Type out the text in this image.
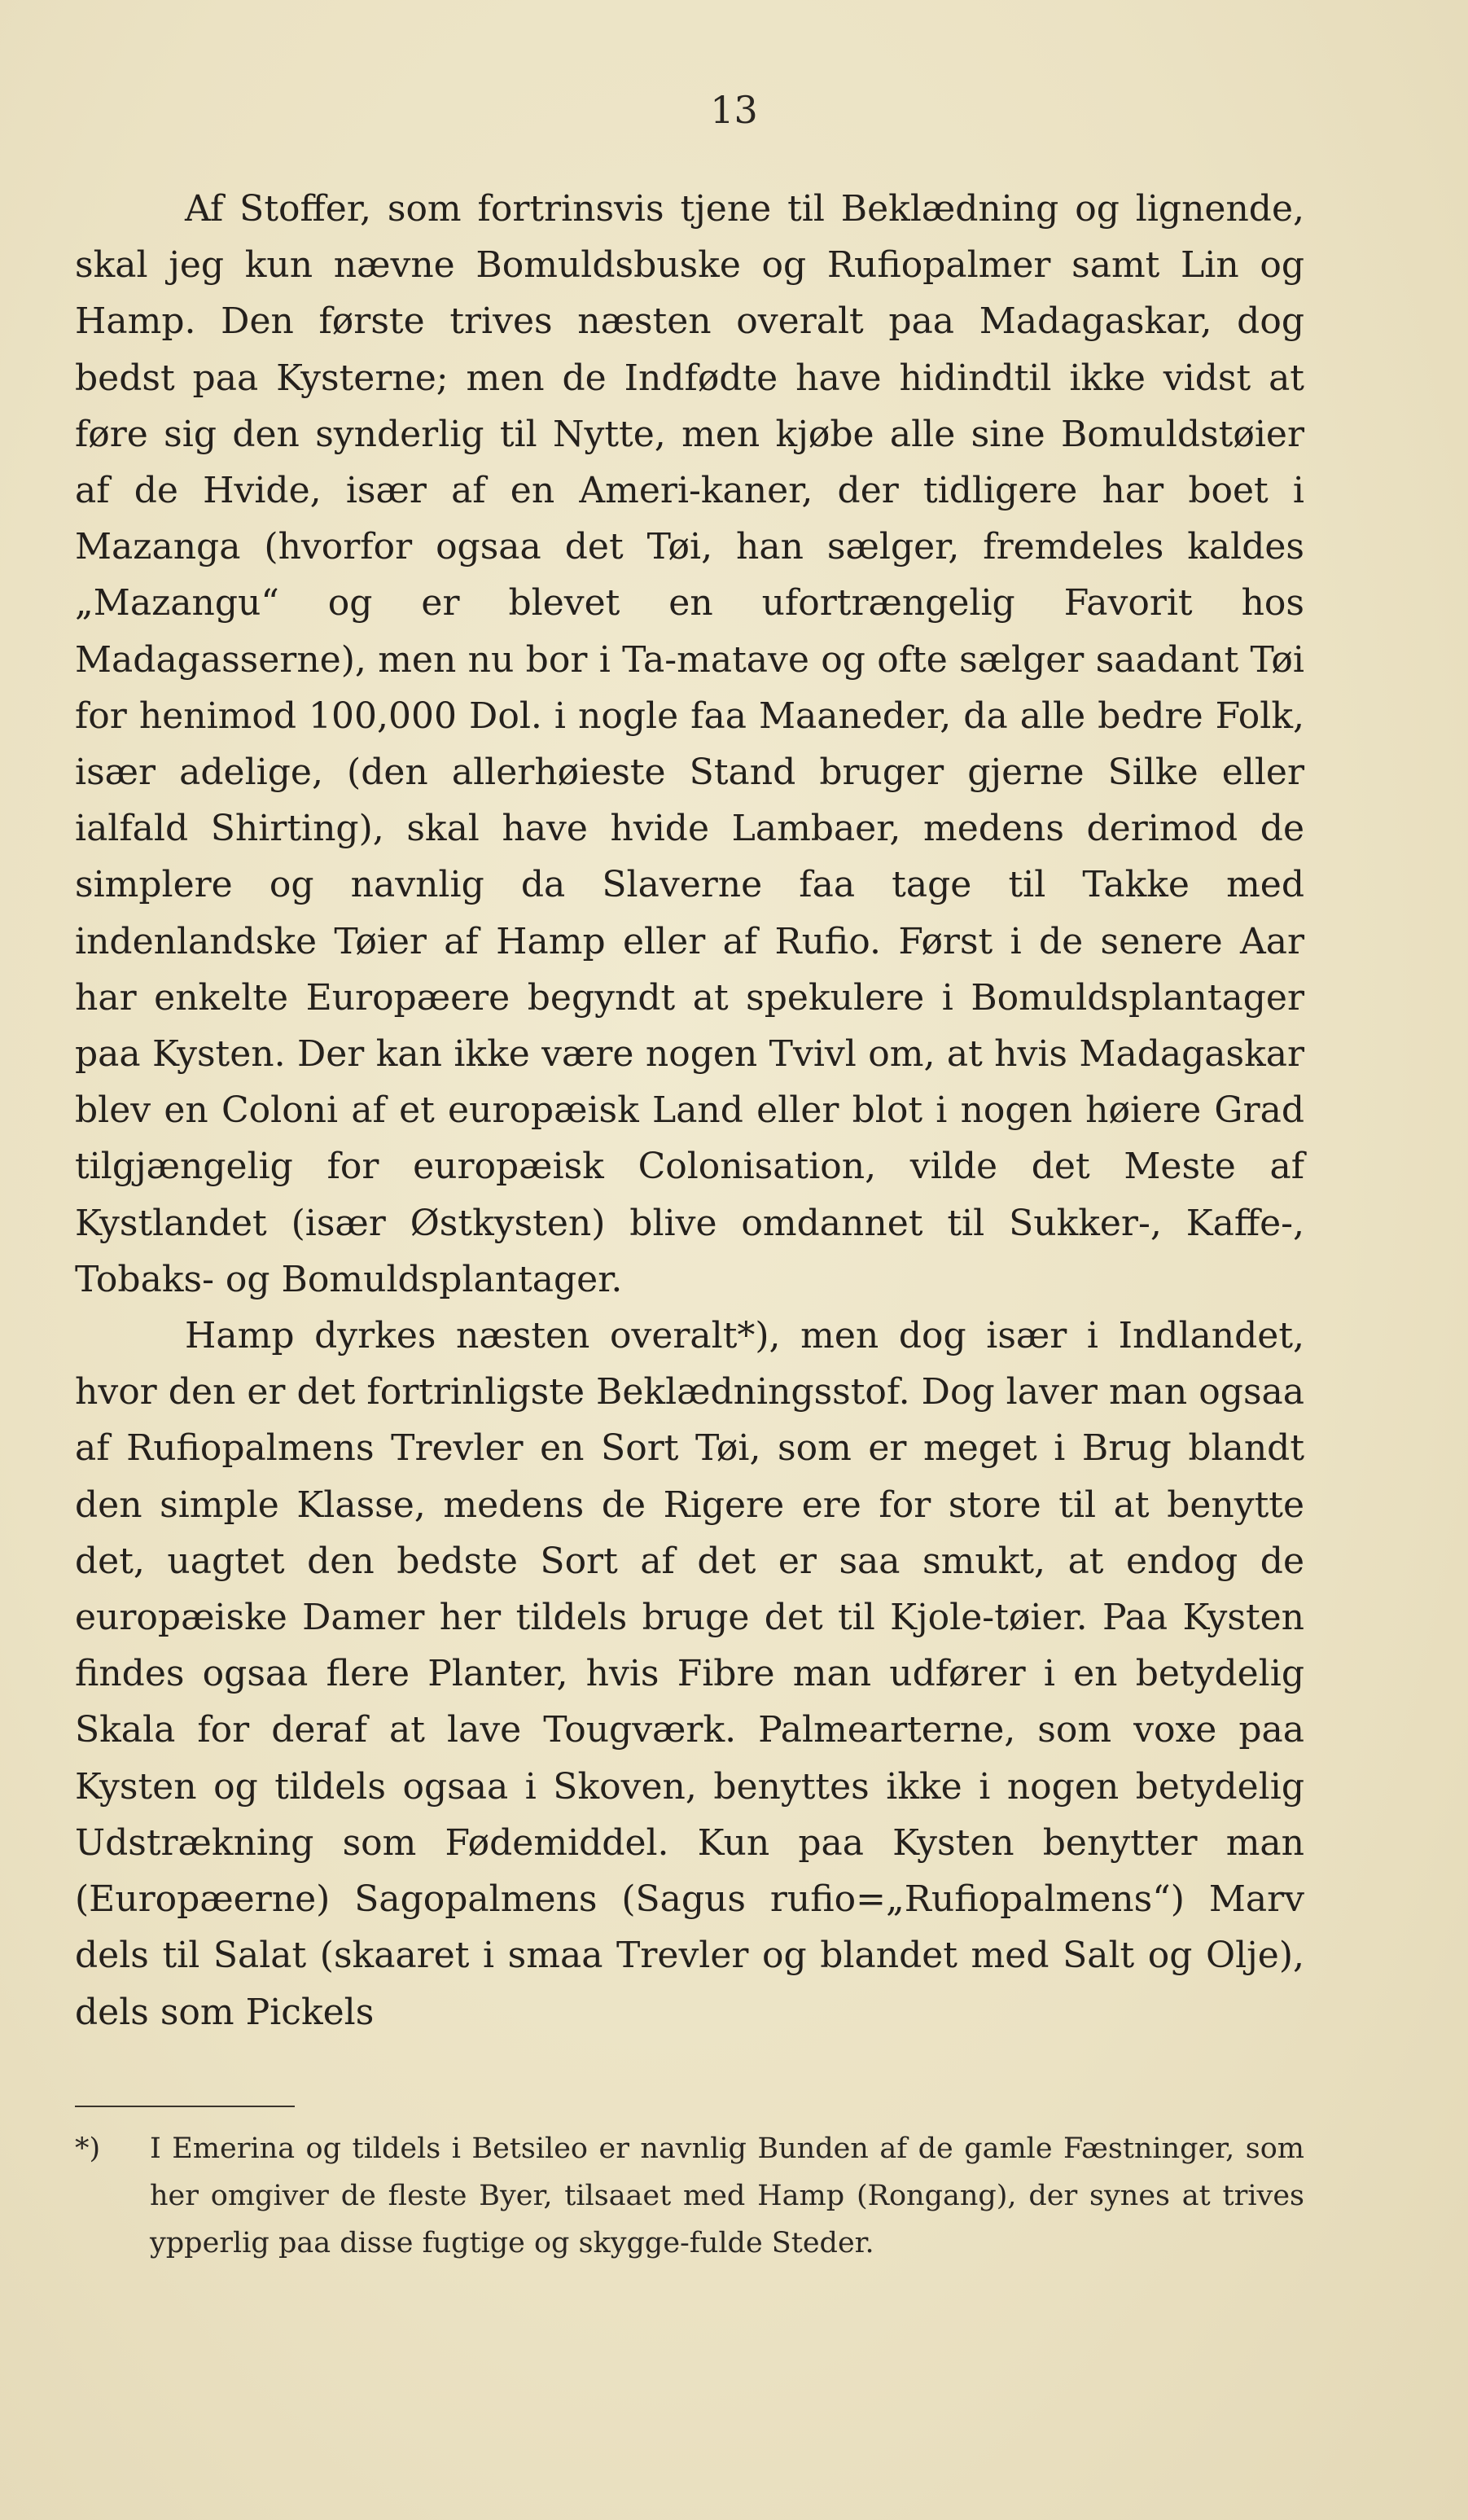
13

Af Stoffer, som fortrinsvis tjene til Beklædning og lignende, skal jeg kun nævne Bomuldsbuske og Rufiopalmer samt Lin og Hamp. Den første trives næsten overalt paa Madagaskar, dog bedst paa Kysterne; men de Indfødte have hidindtil ikke vidst at føre sig den synderlig til Nytte, men kjøbe alle sine Bomuldstøier af de Hvide, især af en Ameri-kaner, der tidligere har boet i Mazanga (hvorfor ogsaa det Tøi, han sælger, fremdeles kaldes „Mazangu“ og er blevet en ufortrængelig Favorit hos Madagasserne), men nu bor i Ta-matave og ofte sælger saadant Tøi for henimod 100,000 Dol. i nogle faa Maaneder, da alle bedre Folk, især adelige, (den allerhøieste Stand bruger gjerne Silke eller ialfald Shirting), skal have hvide Lambaer, medens derimod de simplere og navnlig da Slaverne faa tage til Takke med indenlandske Tøier af Hamp eller af Rufio. Først i de senere Aar har enkelte Europæere begyndt at spekulere i Bomuldsplantager paa Kysten. Der kan ikke være nogen Tvivl om, at hvis Madagaskar blev en Coloni af et europæisk Land eller blot i nogen høiere Grad tilgjængelig for europæisk Colonisation, vilde det Meste af Kystlandet (især Østkysten) blive omdannet til Sukker-, Kaffe-, Tobaks- og Bomuldsplantager.

Hamp dyrkes næsten overalt*), men dog især i Indlandet, hvor den er det fortrinligste Beklædningsstof. Dog laver man ogsaa af Rufiopalmens Trevler en Sort Tøi, som er meget i Brug blandt den simple Klasse, medens de Rigere ere for store til at benytte det, uagtet den bedste Sort af det er saa smukt, at endog de europæiske Damer her tildels bruge det til Kjole-tøier. Paa Kysten findes ogsaa flere Planter, hvis Fibre man udfører i en betydelig Skala for deraf at lave Tougværk. Palmearterne, som voxe paa Kysten og tildels ogsaa i Skoven, benyttes ikke i nogen betydelig Udstrækning som Fødemiddel. Kun paa Kysten benytter man (Europæerne) Sagopalmens (Sagus rufio=„Rufiopalmens“) Marv dels til Salat (skaaret i smaa Trevler og blandet med Salt og Olje), dels som Pickels

*) I Emerina og tildels i Betsileo er navnlig Bunden af de gamle Fæstninger, som her omgiver de fleste Byer, tilsaaet med Hamp (Rongang), der synes at trives ypperlig paa disse fugtige og skygge-fulde Steder.
